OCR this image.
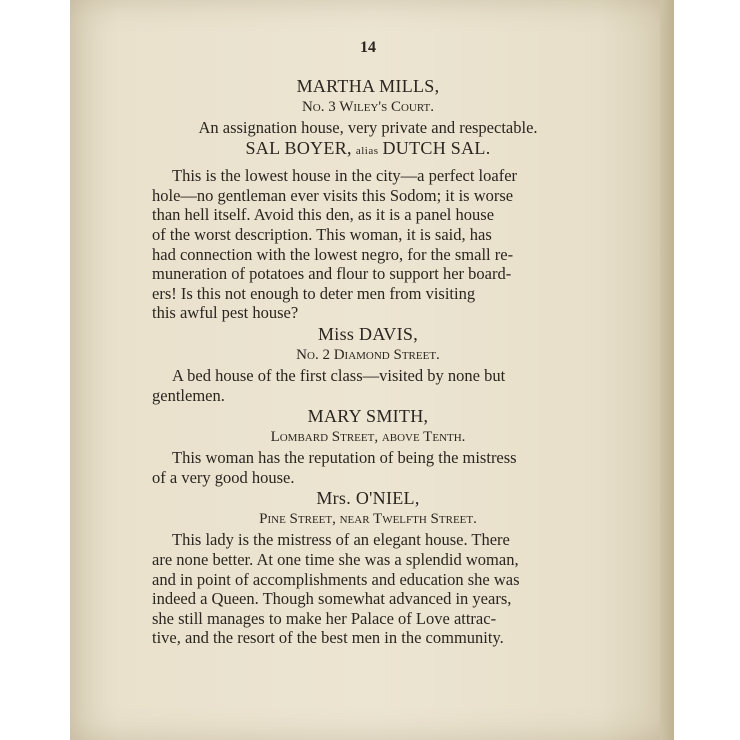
14
MARTHA MILLS,
No. 3 Wiley's Court.
An assignation house, very private and respectable.
SAL BOYER, alias DUTCH SAL.

This is the lowest house in the city—a perfect loafer

hole—no gentleman ever visits this Sodom; it is worse

than hell itself. Avoid this den, as it is a panel house

of the worst description. This woman, it is said, has

had connection with the lowest negro, for the small re-

muneration of potatoes and flour to support her board-

ers! Is this not enough to deter men from visiting

this awful pest house?

Miss DAVIS,
No. 2 Diamond Street.

A bed house of the first class—visited by none but

gentlemen.

MARY SMITH,
Lombard Street, above Tenth.

This woman has the reputation of being the mistress

of a very good house.

Mrs. O'NIEL,
Pine Street, near Twelfth Street.

This lady is the mistress of an elegant house. There

are none better. At one time she was a splendid woman,

and in point of accomplishments and education she was

indeed a Queen. Though somewhat advanced in years,

she still manages to make her Palace of Love attrac-

tive, and the resort of the best men in the community.
